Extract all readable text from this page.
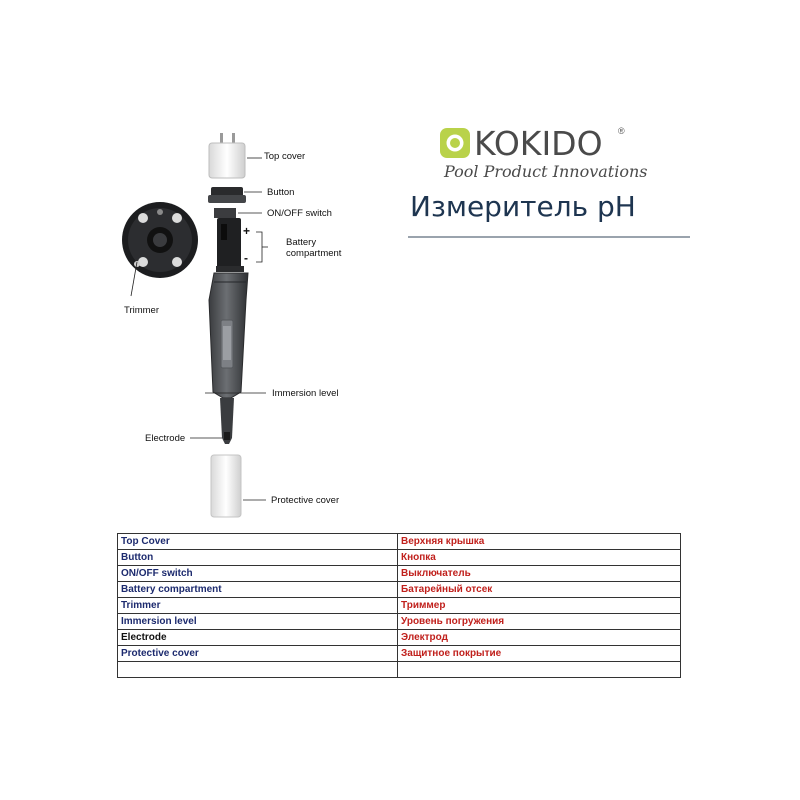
Top cover
Button
ON/OFF switch
+
-
Battery
compartment
Trimmer
Immersion level
Electrode
Protective cover
KOKIDO ®
Pool Product Innovations
Измеритель pH
Top Cover	Верхняя крышка
Button	Кнопка
ON/OFF switch	Выключатель
Battery compartment	Батарейный отсек
Trimmer	Триммер
Immersion level	Уровень погружения
Electrode	Электрод
Protective cover	Защитное покрытие
